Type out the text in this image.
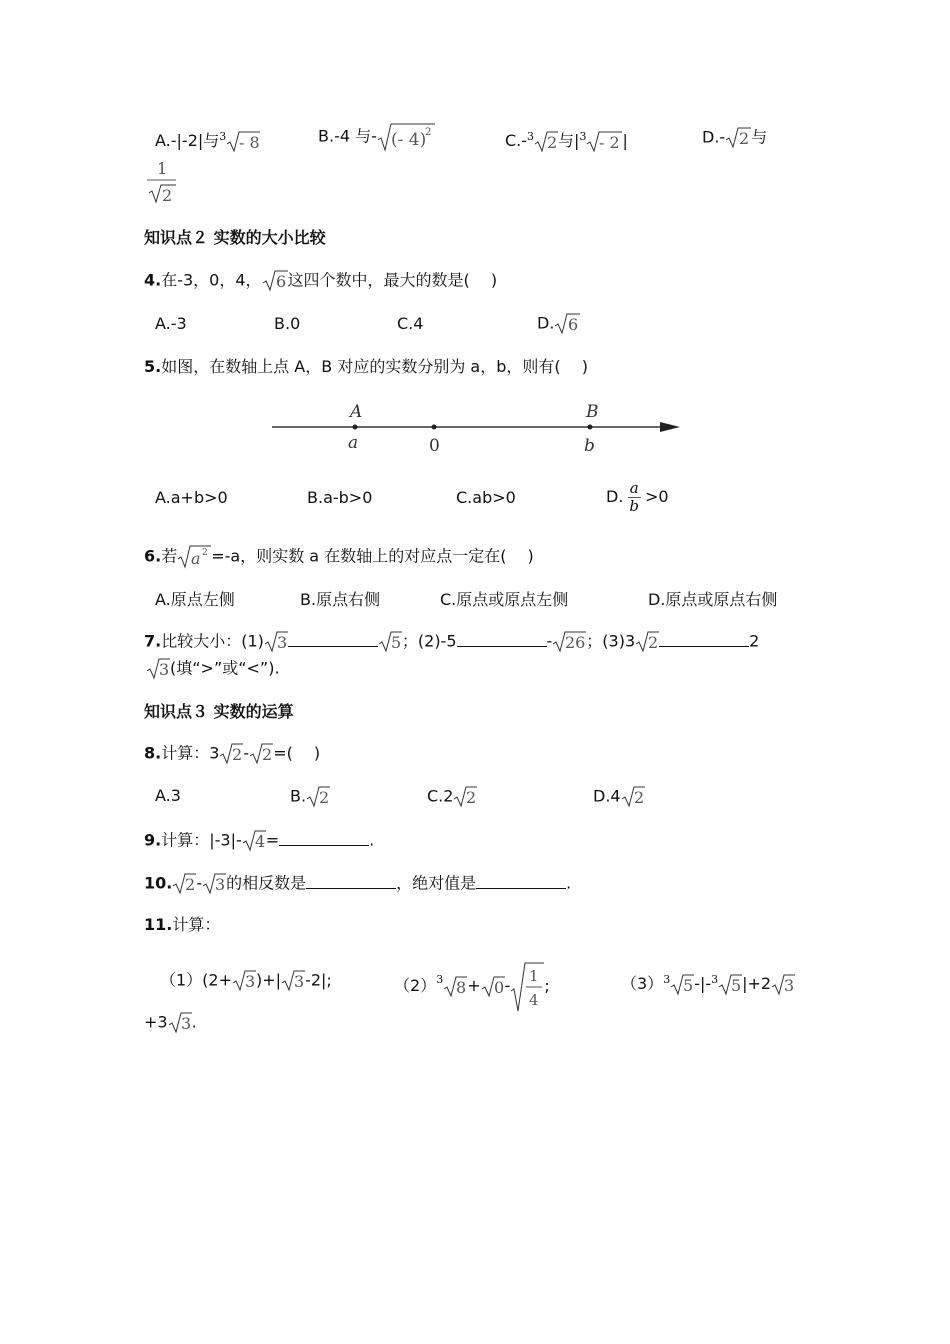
A.-|-2|与$^3$ - 8	B.-4 与- (- 4)
2	C.-$^3$ 2 与$|^3 - 2$ |	D.- 2 与
1
2
知识点２ 实数的大小比较
4.在-3，0，4， 6 这四个数中，最大的数是(　 )
A.-3	B.0	C.4	D. 6
5.如图，在数轴上点 A，B 对应的实数分别为 a，b，则有(　 )
A	B
a	0	b
A.a+b>0	B.a-b>0	C.ab>0	D. $\frac{a}{b} >0$
6.若 a 2 =-a，则实数 a 在数轴上的对应点一定在(　 )
A.原点左侧	B.原点右侧	C.原点或原点左侧	D.原点或原点右侧
7.比较大小：(1) 3	5 ；(2)-5	- 26 ；(3)3 2	2
3 (填“>”或“<”).
知识点３ 实数的运算
8.计算：3 2 - 2 =(　 )
A.3	B. 2	C.2 2	D.4 2
9.计算：|-3|- 4 =	.
10. 2 - 3 的相反数是	，绝对值是	.
11.计算：
（1）(2+ 3 )+| 3 -2|;	$(2)^3$ 8 + 0 -
1
4
;	$(3)^3$ 5 -|-$^3$ 5 |+2 3
+3 3 .
